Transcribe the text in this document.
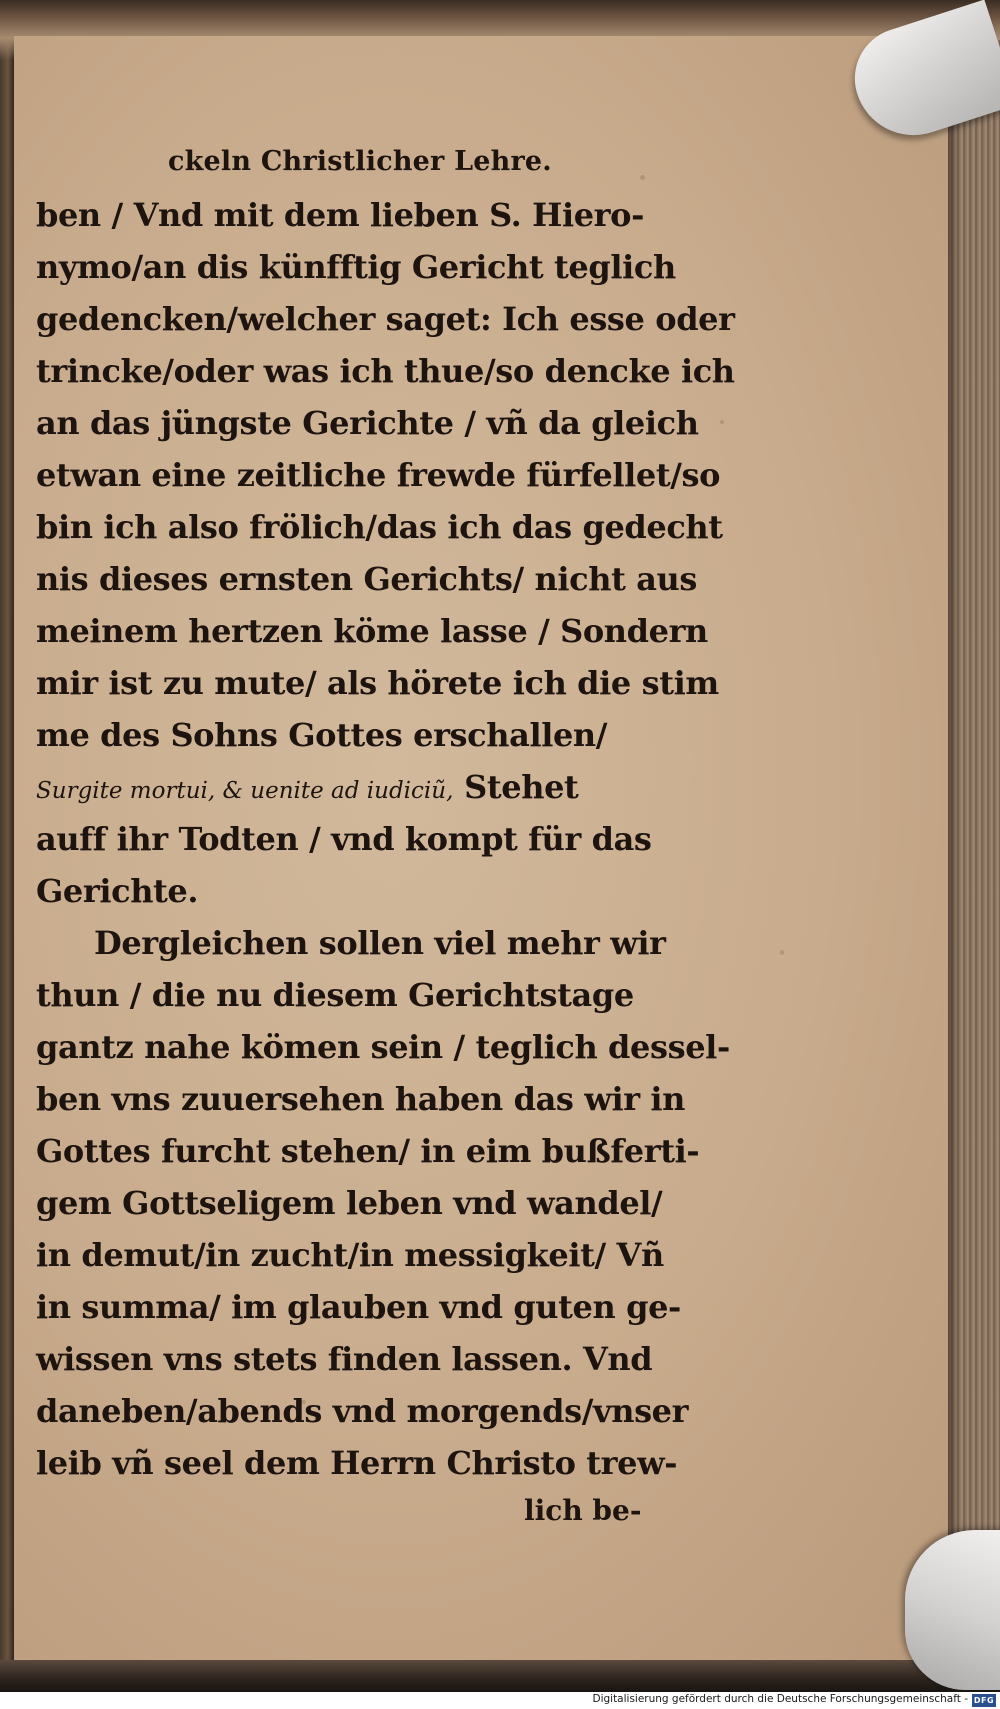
ckeln Christlicher Lehre.
ben / Vnd mit dem lieben S. Hiero-
nymo/an dis künfftig Gericht teglich
gedencken/welcher saget: Ich esse oder
trincke/oder was ich thue/so dencke ich
an das jüngste Gerichte / vñ da gleich
etwan eine zeitliche frewde fürfellet/so
bin ich also frölich/das ich das gedecht
nis dieses ernsten Gerichts/ nicht aus
meinem hertzen köme lasse / Sondern
mir ist zu mute/ als hörete ich die stim
me des Sohns Gottes erschallen/
Surgite mortui, & uenite ad iudiciũ, Stehet
auff ihr Todten / vnd kompt für das
Gerichte.
Dergleichen sollen viel mehr wir
thun / die nu diesem Gerichtstage
gantz nahe kömen sein / teglich dessel-
ben vns zuuersehen haben das wir in
Gottes furcht stehen/ in eim bußferti-
gem Gottseligem leben vnd wandel/
in demut/in zucht/in messigkeit/ Vñ
in summa/ im glauben vnd guten ge-
wissen vns stets finden lassen. Vnd
daneben/abends vnd morgends/vnser
leib vñ seel dem Herrn Christo trew-
lich be-
Digitalisierung gefördert durch die Deutsche Forschungsgemeinschaft - DFG
